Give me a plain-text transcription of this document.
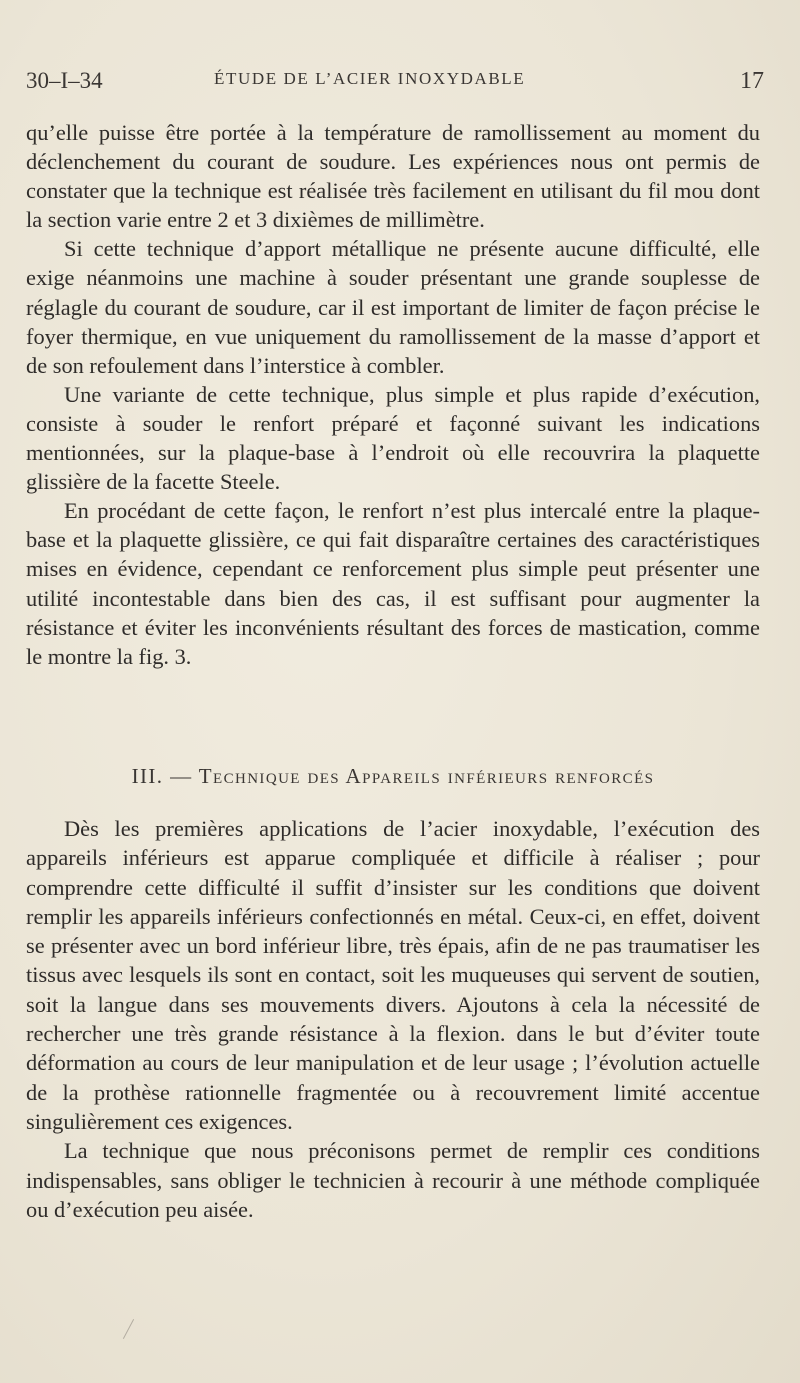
30–I–34	ÉTUDE DE L’ACIER INOXYDABLE	17

qu’elle puisse être portée à la température de ramollissement au moment du déclenchement du courant de soudure. Les expériences nous ont permis de constater que la technique est réalisée très facilement en utilisant du fil mou dont la section varie entre 2 et 3 dixièmes de millimètre.

Si cette technique d’apport métallique ne présente aucune difficulté, elle exige néanmoins une machine à souder présentant une grande souplesse de réglagle du courant de soudure, car il est important de limiter de façon précise le foyer thermique, en vue uniquement du ramollissement de la masse d’apport et de son refoulement dans l’interstice à combler.

Une variante de cette technique, plus simple et plus rapide d’exécution, consiste à souder le renfort préparé et façonné suivant les indications mentionnées, sur la plaque-base à l’endroit où elle recouvrira la plaquette glissière de la facette Steele.

En procédant de cette façon, le renfort n’est plus intercalé entre la plaque-base et la plaquette glissière, ce qui fait disparaître certaines des caractéristiques mises en évidence, cependant ce renforcement plus simple peut présenter une utilité incontestable dans bien des cas, il est suffisant pour augmenter la résistance et éviter les inconvénients résultant des forces de mastication, comme le montre la fig. 3.

III. — Technique des Appareils inférieurs renforcés

Dès les premières applications de l’acier inoxydable, l’exécution des appareils inférieurs est apparue compliquée et difficile à réaliser ; pour comprendre cette difficulté il suffit d’insister sur les conditions que doivent remplir les appareils inférieurs confectionnés en métal. Ceux-ci, en effet, doivent se présenter avec un bord inférieur libre, très épais, afin de ne pas traumatiser les tissus avec lesquels ils sont en contact, soit les muqueuses qui servent de soutien, soit la langue dans ses mouvements divers. Ajoutons à cela la nécessité de rechercher une très grande résistance à la flexion. dans le but d’éviter toute déformation au cours de leur manipulation et de leur usage ; l’évolution actuelle de la prothèse rationnelle fragmentée ou à recouvrement limité accentue singulièrement ces exigences.

La technique que nous préconisons permet de remplir ces conditions indispensables, sans obliger le technicien à recourir à une méthode compliquée ou d’exécution peu aisée.
